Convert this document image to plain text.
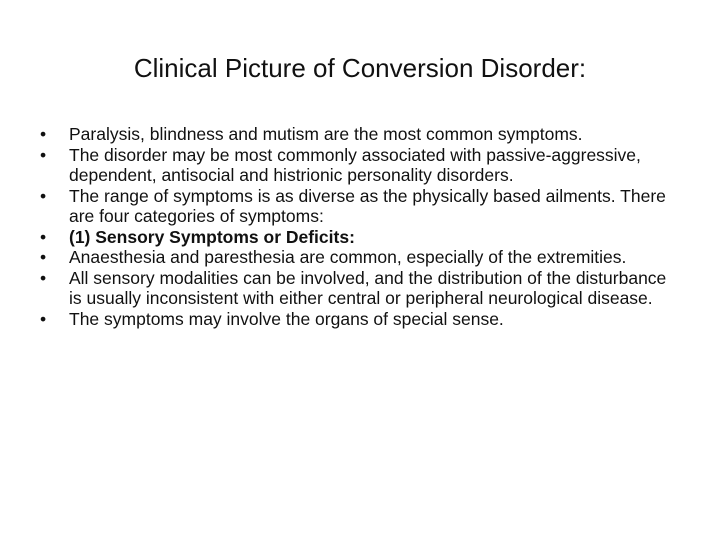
Clinical Picture of Conversion Disorder:
•	Paralysis, blindness and mutism are the most common symptoms.
•	The disorder may be most commonly associated with passive-aggressive, dependent, antisocial and histrionic personality disorders.
•	The range of symptoms is as diverse as the physically based ailments. There are four categories of symptoms:
•	(1) Sensory Symptoms or Deficits:
•	Anaesthesia and paresthesia are common, especially of the extremities.
•	All sensory modalities can be involved, and the distribution of the disturbance is usually inconsistent with either central or peripheral neurological disease.
•	The symptoms may involve the organs of special sense.
